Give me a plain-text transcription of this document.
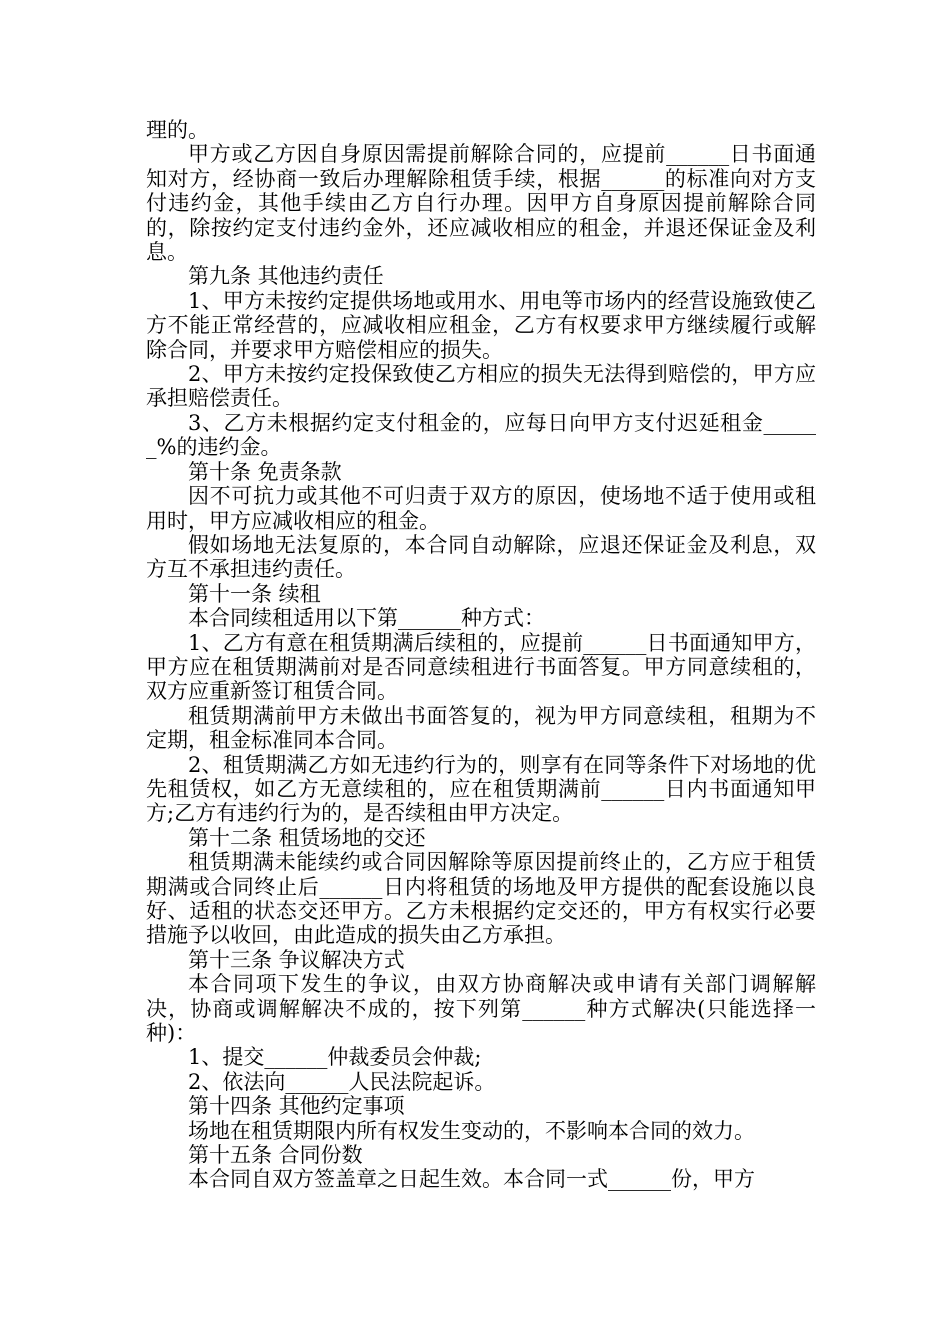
理的。

甲方或乙方因自身原因需提前解除合同的，应提前______日书面通知对方，经协商一致后办理解除租赁手续，根据______的标准向对方支付违约金，其他手续由乙方自行办理。因甲方自身原因提前解除合同的，除按约定支付违约金外，还应减收相应的租金，并退还保证金及利息。

第九条 其他违约责任

1、甲方未按约定提供场地或用水、用电等市场内的经营设施致使乙方不能正常经营的，应减收相应租金，乙方有权要求甲方继续履行或解除合同，并要求甲方赔偿相应的损失。

2、甲方未按约定投保致使乙方相应的损失无法得到赔偿的，甲方应承担赔偿责任。

3、乙方未根据约定支付租金的，应每日向甲方支付迟延租金______%的违约金。

第十条 免责条款

因不可抗力或其他不可归责于双方的原因，使场地不适于使用或租用时，甲方应减收相应的租金。

假如场地无法复原的，本合同自动解除，应退还保证金及利息，双方互不承担违约责任。

第十一条 续租

本合同续租适用以下第______种方式：

1、乙方有意在租赁期满后续租的，应提前______日书面通知甲方，甲方应在租赁期满前对是否同意续租进行书面答复。甲方同意续租的，双方应重新签订租赁合同。

租赁期满前甲方未做出书面答复的，视为甲方同意续租，租期为不定期，租金标准同本合同。

2、租赁期满乙方如无违约行为的，则享有在同等条件下对场地的优先租赁权，如乙方无意续租的，应在租赁期满前______日内书面通知甲方;乙方有违约行为的，是否续租由甲方决定。

第十二条 租赁场地的交还

租赁期满未能续约或合同因解除等原因提前终止的，乙方应于租赁期满或合同终止后______日内将租赁的场地及甲方提供的配套设施以良好、适租的状态交还甲方。乙方未根据约定交还的，甲方有权实行必要措施予以收回，由此造成的损失由乙方承担。

第十三条 争议解决方式

本合同项下发生的争议，由双方协商解决或申请有关部门调解解决，协商或调解解决不成的，按下列第______种方式解决(只能选择一种)：

1、提交______仲裁委员会仲裁;

2、依法向______人民法院起诉。

第十四条 其他约定事项

场地在租赁期限内所有权发生变动的，不影响本合同的效力。

第十五条 合同份数

本合同自双方签盖章之日起生效。本合同一式______份，甲方
